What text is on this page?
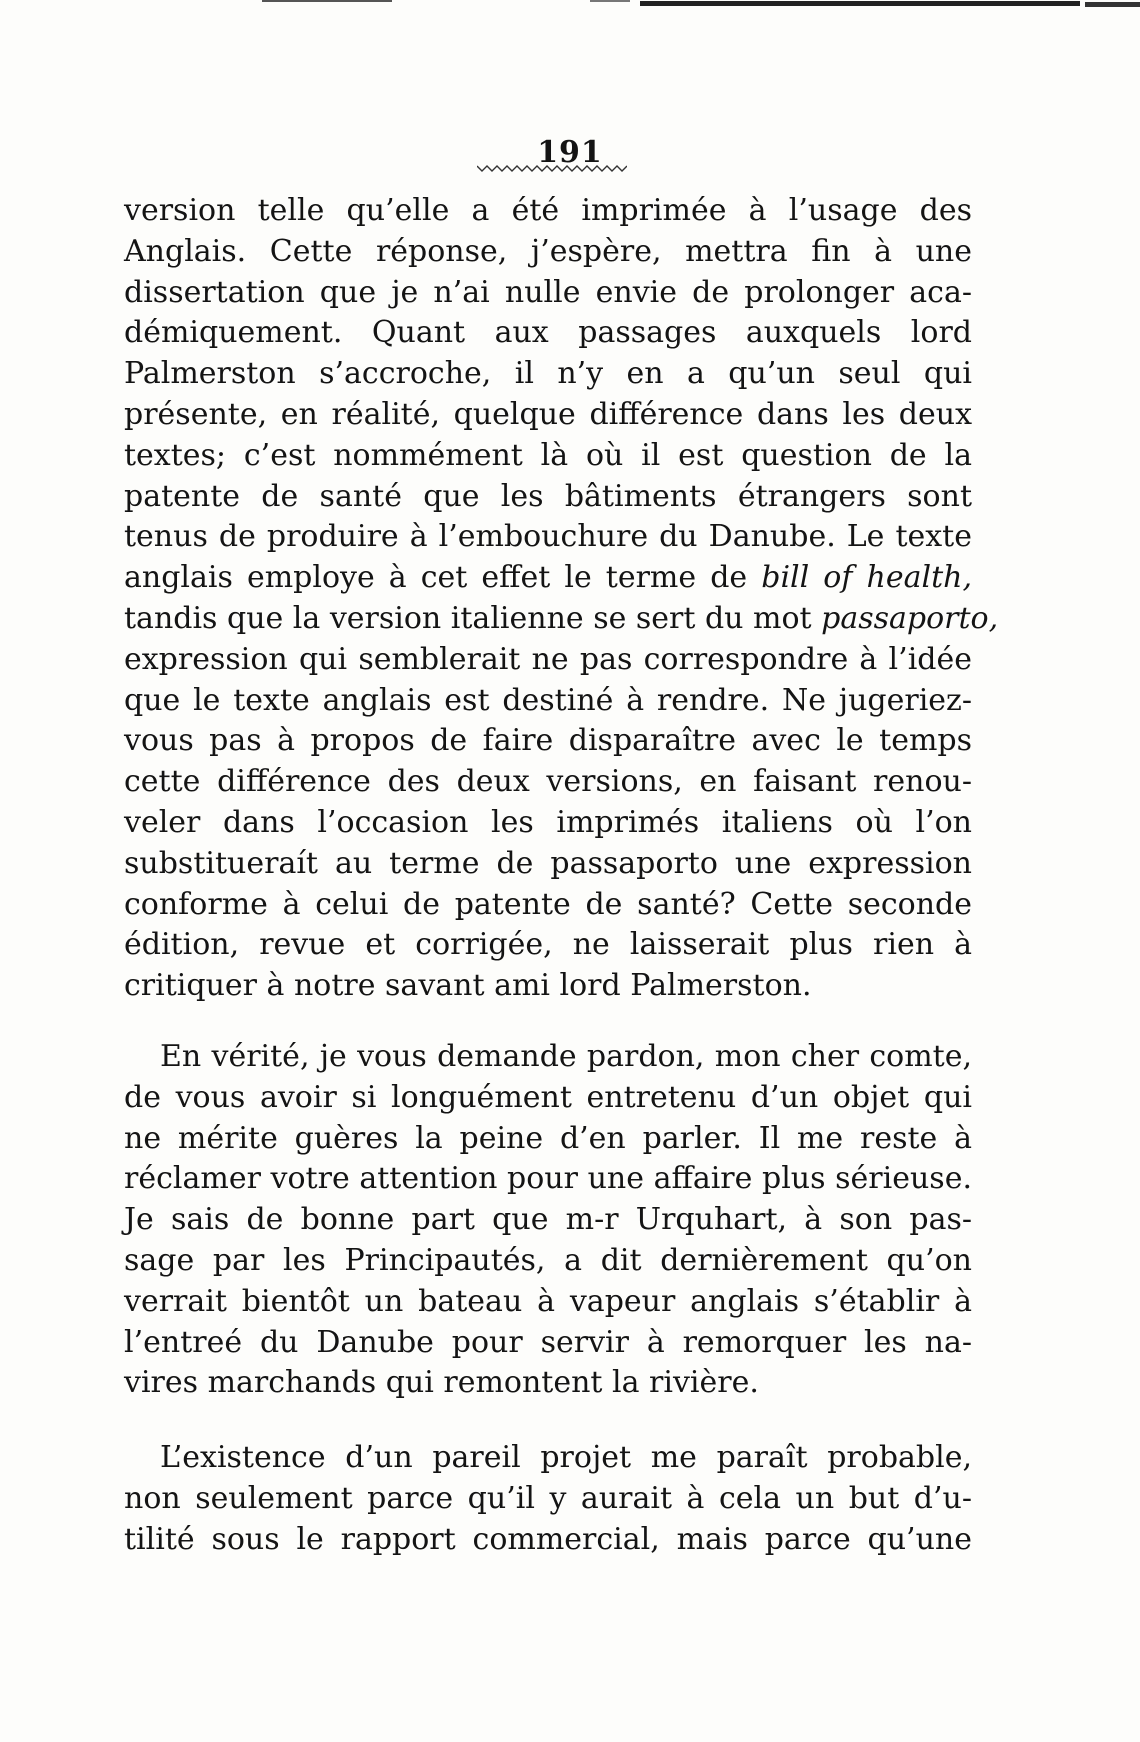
191
version telle qu’elle a été imprimée à l’usage des
Anglais. Cette réponse, j’espère, mettra fin à une
dissertation que je n’ai nulle envie de prolonger aca-
démiquement. Quant aux passages auxquels lord
Palmerston s’accroche, il n’y en a qu’un seul qui
présente, en réalité, quelque différence dans les deux
textes; c’est nommément là où il est question de la
patente de santé que les bâtiments étrangers sont
tenus de produire à l’embouchure du Danube. Le texte
anglais employe à cet effet le terme de bill of health,
tandis que la version italienne se sert du mot passaporto,
expression qui semblerait ne pas correspondre à l’idée
que le texte anglais est destiné à rendre. Ne jugeriez-
vous pas à propos de faire disparaître avec le temps
cette différence des deux versions, en faisant renou-
veler dans l’occasion les imprimés italiens où l’on
substitueraít au terme de passaporto une expression
conforme à celui de patente de santé? Cette seconde
édition, revue et corrigée, ne laisserait plus rien à
critiquer à notre savant ami lord Palmerston.
En vérité, je vous demande pardon, mon cher comte,
de vous avoir si longuément entretenu d’un objet qui
ne mérite guères la peine d’en parler. Il me reste à
réclamer votre attention pour une affaire plus sérieuse.
Je sais de bonne part que m-r Urquhart, à son pas-
sage par les Principautés, a dit dernièrement qu’on
verrait bientôt un bateau à vapeur anglais s’établir à
l’entreé du Danube pour servir à remorquer les na-
vires marchands qui remontent la rivière.
L’existence d’un pareil projet me paraît probable,
non seulement parce qu’il y aurait à cela un but d’u-
tilité sous le rapport commercial, mais parce qu’une
